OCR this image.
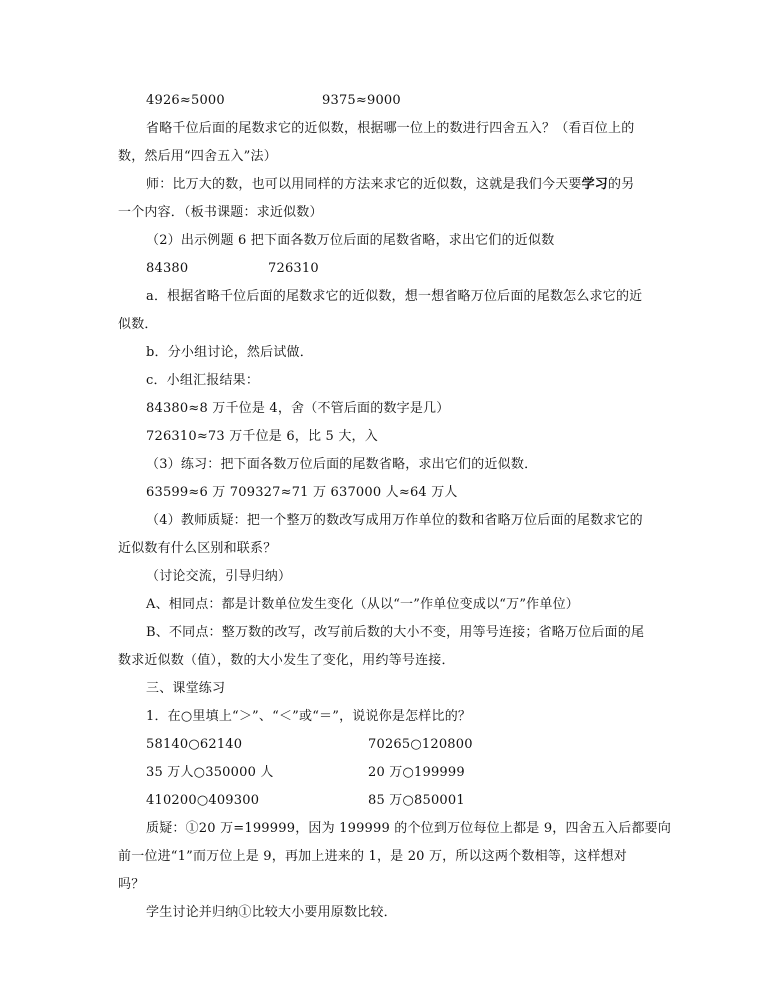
4926≈5000	9375≈9000
省略千位后面的尾数求它的近似数，根据哪一位上的数进行四舍五入？（看百位上的
数，然后用“四舍五入”法）
师：比万大的数，也可以用同样的方法来求它的近似数，这就是我们今天要学习的另
一个内容．（板书课题：求近似数）
（2）出示例题 6 把下面各数万位后面的尾数省略，求出它们的近似数
84380	726310
a．根据省略千位后面的尾数求它的近似数，想一想省略万位后面的尾数怎么求它的近
似数．
b．分小组讨论，然后试做．
c．小组汇报结果：
84380≈8 万千位是 4，舍（不管后面的数字是几）
726310≈73 万千位是 6，比 5 大，入
（3）练习：把下面各数万位后面的尾数省略，求出它们的近似数．
63599≈6 万 709327≈71 万 637000 人≈64 万人
（4）教师质疑：把一个整万的数改写成用万作单位的数和省略万位后面的尾数求它的
近似数有什么区别和联系？
（讨论交流，引导归纳）
A、相同点：都是计数单位发生变化（从以“一”作单位变成以“万”作单位）
B、不同点：整万数的改写，改写前后数的大小不变，用等号连接；省略万位后面的尾
数求近似数（值），数的大小发生了变化，用约等号连接．
三、课堂练习
1．在○里填上“＞”、“＜”或“＝”，说说你是怎样比的？
58140○62140	70265○120800
35 万人○350000 人	20 万○199999
410200○409300	85 万○850001
质疑：①20 万=199999，因为 199999 的个位到万位每位上都是 9，四舍五入后都要向
前一位进“1”而万位上是 9，再加上进来的 1，是 20 万，所以这两个数相等，这样想对
吗？
学生讨论并归纳①比较大小要用原数比较．
